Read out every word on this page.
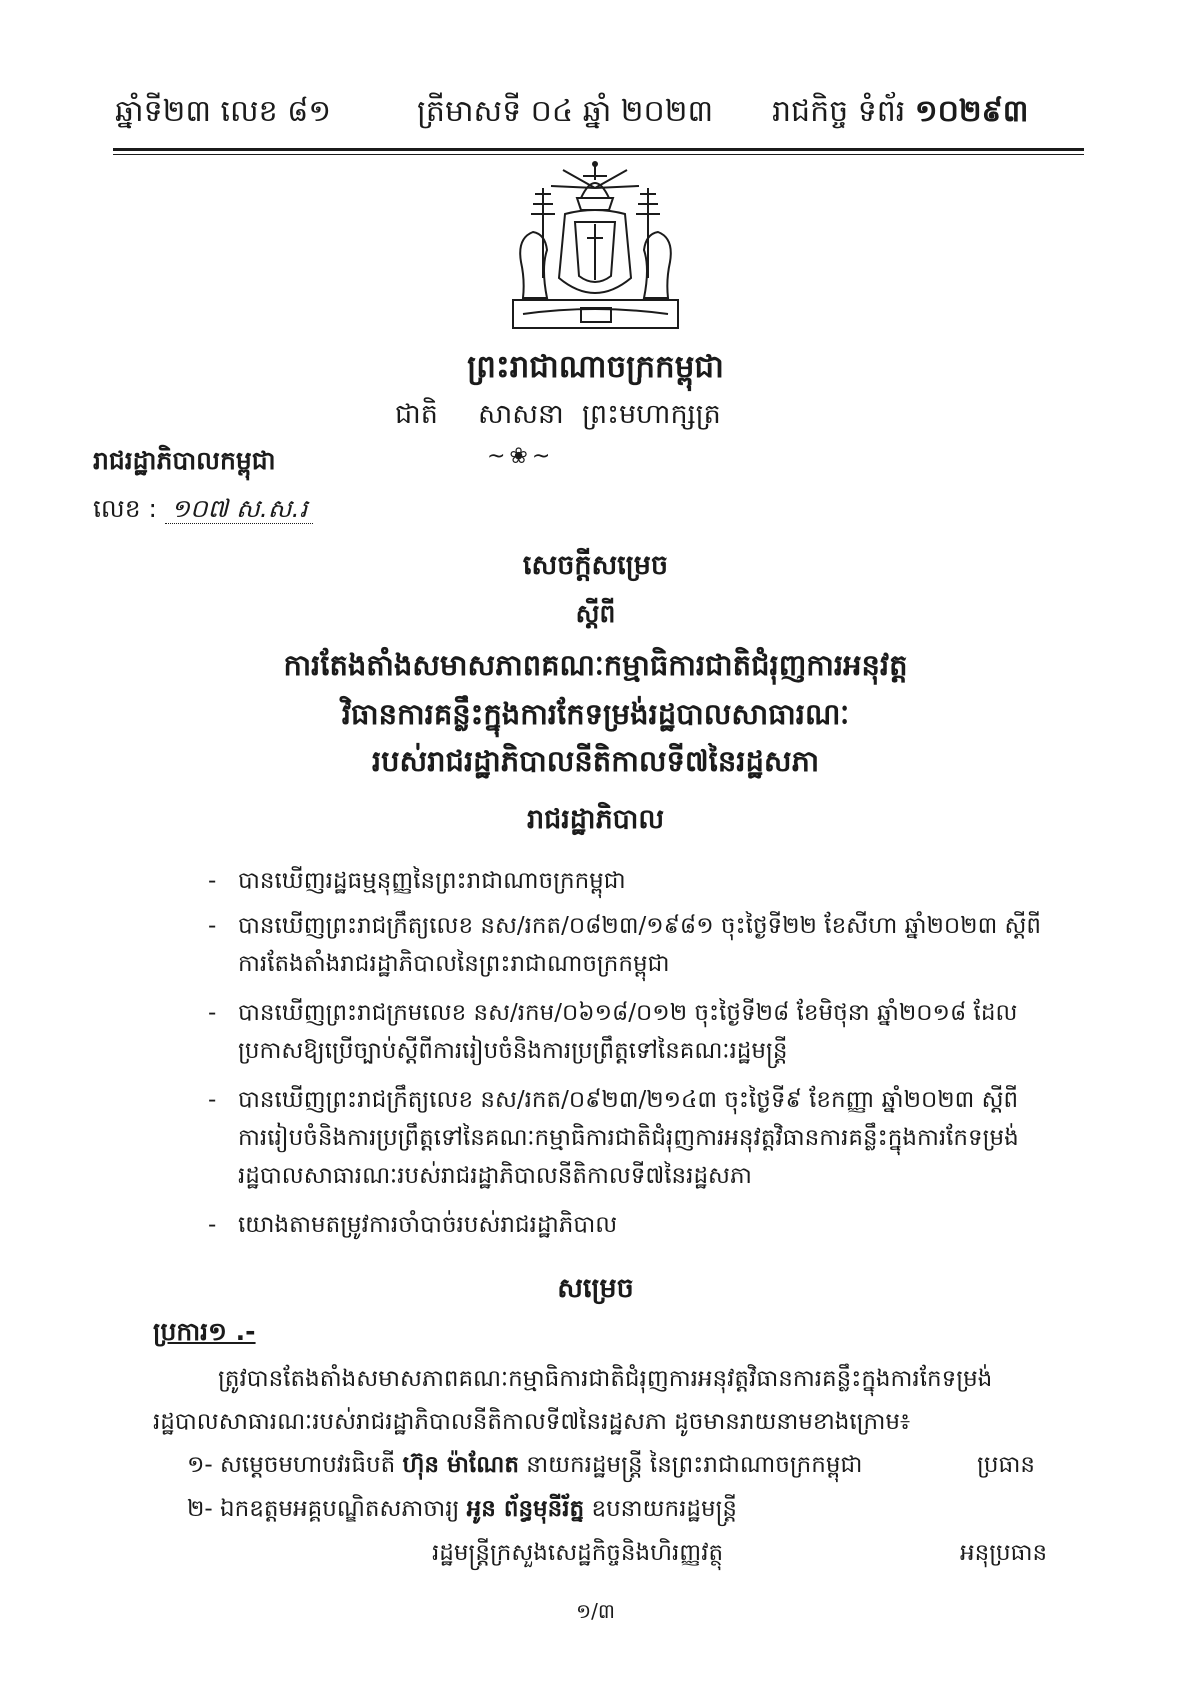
ឆ្នាំទី២៣ លេខ ៨១	ត្រីមាសទី ០៤ ឆ្នាំ ២០២៣ រាជកិច្ច ទំព័រ ១០២៩៣
ព្រះរាជាណាចក្រកម្ពុជា
ជាតិ សាសនា ព្រះមហាក្សត្រ
~❀~
រាជរដ្ឋាភិបាលកម្ពុជា
លេខ : ១០៧ ស.ស.រ
សេចក្តីសម្រេច
ស្តីពី
ការតែងតាំងសមាសភាពគណៈកម្មាធិការជាតិជំរុញការអនុវត្ត
វិធានការគន្លឹះក្នុងការកែទម្រង់រដ្ឋបាលសាធារណៈ
របស់រាជរដ្ឋាភិបាលនីតិកាលទី៧នៃរដ្ឋសភា
រាជរដ្ឋាភិបាល
- បានឃើញរដ្ឋធម្មនុញ្ញនៃព្រះរាជាណាចក្រកម្ពុជា
- បានឃើញព្រះរាជក្រឹត្យលេខ នស/រកត/០៨២៣/១៩៨១ ចុះថ្ងៃទី២២ ខែសីហា ឆ្នាំ២០២៣ ស្តីពី
ការតែងតាំងរាជរដ្ឋាភិបាលនៃព្រះរាជាណាចក្រកម្ពុជា
- បានឃើញព្រះរាជក្រមលេខ នស/រកម/០៦១៨/០១២ ចុះថ្ងៃទី២៨ ខែមិថុនា ឆ្នាំ២០១៨ ដែល
ប្រកាសឱ្យប្រើច្បាប់ស្តីពីការរៀបចំនិងការប្រព្រឹត្តទៅនៃគណៈរដ្ឋមន្ត្រី
- បានឃើញព្រះរាជក្រឹត្យលេខ នស/រកត/០៩២៣/២១៤៣ ចុះថ្ងៃទី៩ ខែកញ្ញា ឆ្នាំ២០២៣ ស្តីពី
ការរៀបចំនិងការប្រព្រឹត្តទៅនៃគណៈកម្មាធិការជាតិជំរុញការអនុវត្តវិធានការគន្លឹះក្នុងការកែទម្រង់
រដ្ឋបាលសាធារណៈរបស់រាជរដ្ឋាភិបាលនីតិកាលទី៧នៃរដ្ឋសភា
- យោងតាមតម្រូវការចាំបាច់របស់រាជរដ្ឋាភិបាល
សម្រេច
ប្រការ១ .-
ត្រូវបានតែងតាំងសមាសភាពគណៈកម្មាធិការជាតិជំរុញការអនុវត្តវិធានការគន្លឹះក្នុងការកែទម្រង់
រដ្ឋបាលសាធារណៈរបស់រាជរដ្ឋាភិបាលនីតិកាលទី៧នៃរដ្ឋសភា ដូចមានរាយនាមខាងក្រោម៖
១- សម្តេចមហាបវរធិបតី ហ៊ុន ម៉ាណែត នាយករដ្ឋមន្ត្រី នៃព្រះរាជាណាចក្រកម្ពុជា	ប្រធាន
២- ឯកឧត្តមអគ្គបណ្ឌិតសភាចារ្យ អូន ព័ន្ធមុនីរ័ត្ន ឧបនាយករដ្ឋមន្ត្រី
រដ្ឋមន្ត្រីក្រសួងសេដ្ឋកិច្ចនិងហិរញ្ញវត្ថុ	អនុប្រធាន
១/៣
